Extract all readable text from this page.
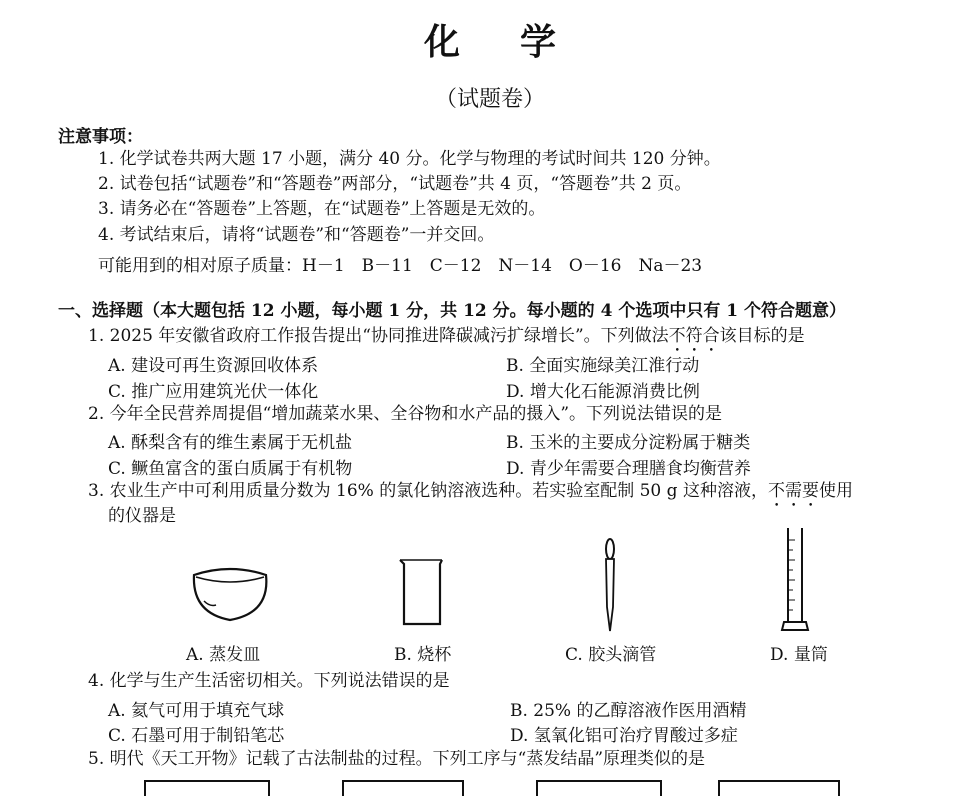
化学
（试题卷）
注意事项：
1. 化学试卷共两大题 17 小题，满分 40 分。化学与物理的考试时间共 120 分钟。
2. 试卷包括“试题卷”和“答题卷”两部分，“试题卷”共 4 页，“答题卷”共 2 页。
3. 请务必在“答题卷”上答题，在“试题卷”上答题是无效的。
4. 考试结束后，请将“试题卷”和“答题卷”一并交回。
可能用到的相对原子质量：H－1　B－11　C－12　N－14　O－16　Na－23
一、选择题（本大题包括 12 小题，每小题 1 分，共 12 分。每小题的 4 个选项中只有 1 个符合题意）
1. 2025 年安徽省政府工作报告提出“协同推进降碳减污扩绿增长”。下列做法不符合该目标的是
A. 建设可再生资源回收体系	B. 全面实施绿美江淮行动
C. 推广应用建筑光伏一体化	D. 增大化石能源消费比例
2. 今年全民营养周提倡“增加蔬菜水果、全谷物和水产品的摄入”。下列说法错误的是
A. 酥梨含有的维生素属于无机盐	B. 玉米的主要成分淀粉属于糖类
C. 鳜鱼富含的蛋白质属于有机物	D. 青少年需要合理膳食均衡营养
3. 农业生产中可利用质量分数为 16% 的氯化钠溶液选种。若实验室配制 50 g 这种溶液，不需要使用
的仪器是
A. 蒸发皿	B. 烧杯	C. 胶头滴管	D. 量筒
4. 化学与生产生活密切相关。下列说法错误的是
A. 氦气可用于填充气球	B. 25% 的乙醇溶液作医用酒精
C. 石墨可用于制铅笔芯	D. 氢氧化铝可治疗胃酸过多症
5. 明代《天工开物》记载了古法制盐的过程。下列工序与“蒸发结晶”原理类似的是
